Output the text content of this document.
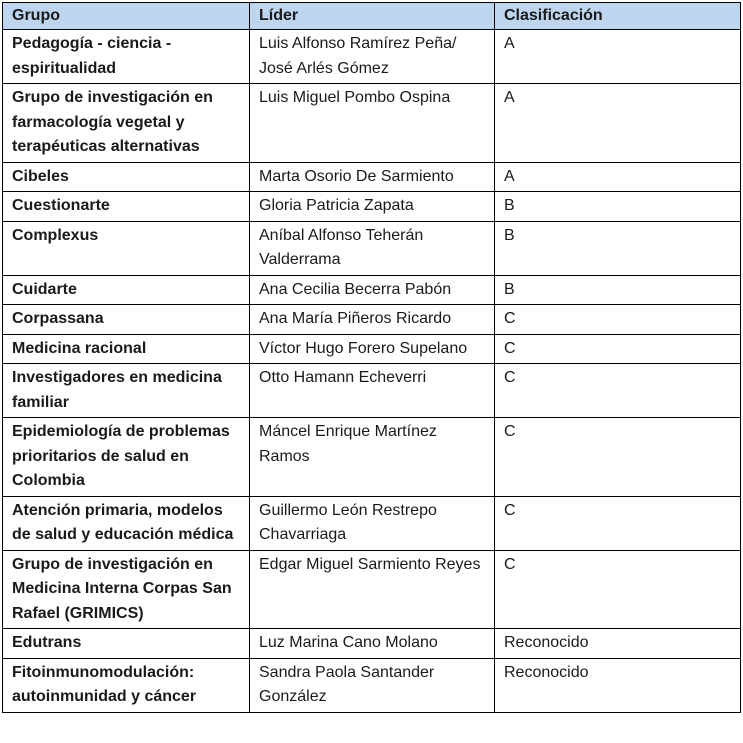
Grupo	Líder	Clasificación
Pedagogía - ciencia - espiritualidad	Luis Alfonso Ramírez Peña/ José Arlés Gómez	A
Grupo de investigación en farmacología vegetal y terapéuticas alternativas	Luis Miguel Pombo Ospina	A
Cibeles	Marta Osorio De Sarmiento	A
Cuestionarte	Gloria Patricia Zapata	B
Complexus	Aníbal Alfonso Teherán Valderrama	B
Cuidarte	Ana Cecilia Becerra Pabón	B
Corpassana	Ana María Piñeros Ricardo	C
Medicina racional	Víctor Hugo Forero Supelano	C
Investigadores en medicina familiar	Otto Hamann Echeverri	C
Epidemiología de problemas prioritarios de salud en Colombia	Máncel Enrique Martínez Ramos	C
Atención primaria, modelos de salud y educación médica	Guillermo León Restrepo Chavarriaga	C
Grupo de investigación en Medicina Interna Corpas San Rafael (GRIMICS)	Edgar Miguel Sarmiento Reyes	C
Edutrans	Luz Marina Cano Molano	Reconocido
Fitoinmunomodulación: autoinmunidad y cáncer	Sandra Paola Santander González	Reconocido
